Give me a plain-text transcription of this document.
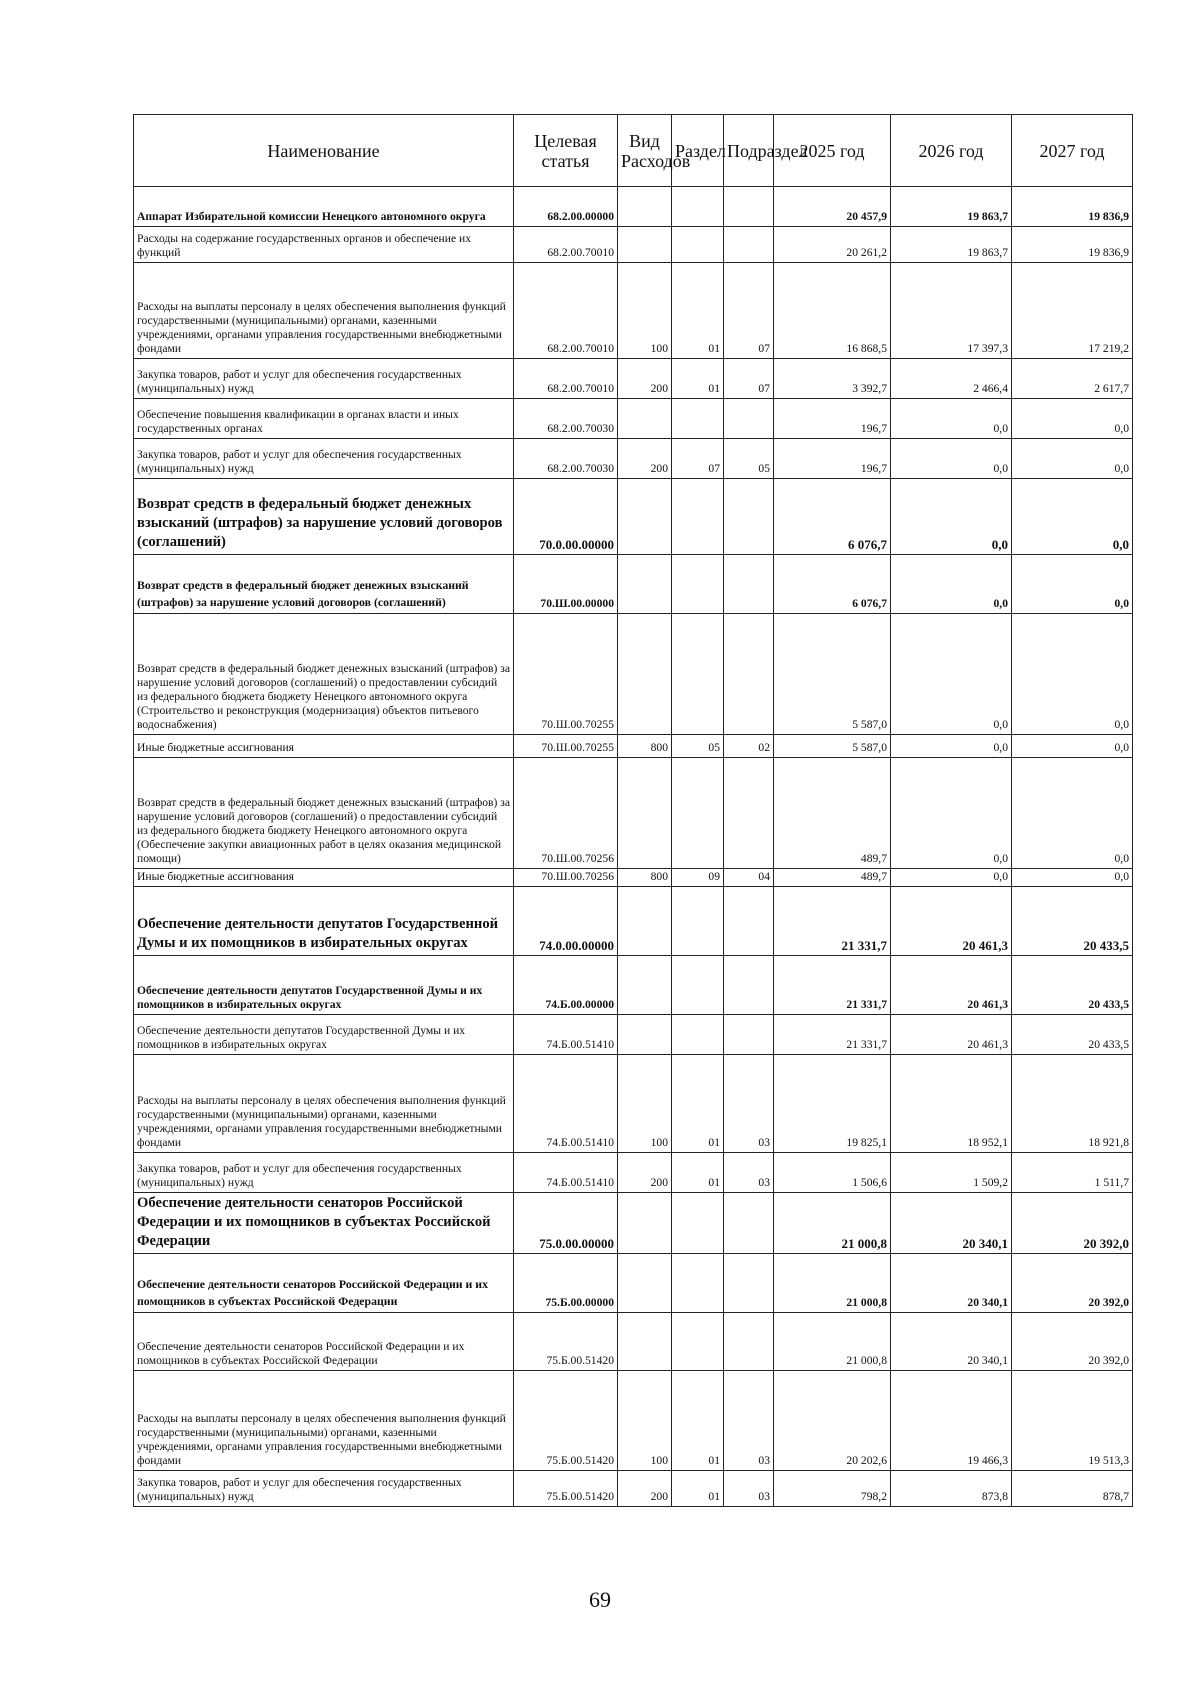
Наименование	Целевая статья	Вид Расходов	Раздел	Подраздел	2025 год	2026 год	2027 год
Аппарат Избирательной комиссии Ненецкого автономного округа	68.2.00.00000				20 457,9	19 863,7	19 836,9
Расходы на содержание государственных органов и обеспечение их функций	68.2.00.70010				20 261,2	19 863,7	19 836,9
Расходы на выплаты персоналу в целях обеспечения выполнения функций государственными (муниципальными) органами, казенными учреждениями, органами управления государственными внебюджетными фондами	68.2.00.70010	100	01	07	16 868,5	17 397,3	17 219,2
Закупка товаров, работ и услуг для обеспечения государственных (муниципальных) нужд	68.2.00.70010	200	01	07	3 392,7	2 466,4	2 617,7
Обеспечение повышения квалификации в органах власти и иных государственных органах	68.2.00.70030				196,7	0,0	0,0
Закупка товаров, работ и услуг для обеспечения государственных (муниципальных) нужд	68.2.00.70030	200	07	05	196,7	0,0	0,0
Возврат средств в федеральный бюджет денежных взысканий (штрафов) за нарушение условий договоров (соглашений)	70.0.00.00000				6 076,7	0,0	0,0
Возврат средств в федеральный бюджет денежных взысканий (штрафов) за нарушение условий договоров (соглашений)	70.Ш.00.00000				6 076,7	0,0	0,0
Возврат средств в федеральный бюджет денежных взысканий (штрафов) за нарушение условий договоров (соглашений) о предоставлении субсидий из федерального бюджета бюджету Ненецкого автономного округа (Строительство и реконструкция (модернизация) объектов питьевого водоснабжения)	70.Ш.00.70255				5 587,0	0,0	0,0
Иные бюджетные ассигнования	70.Ш.00.70255	800	05	02	5 587,0	0,0	0,0
Возврат средств в федеральный бюджет денежных взысканий (штрафов) за нарушение условий договоров (соглашений) о предоставлении субсидий из федерального бюджета бюджету Ненецкого автономного округа (Обеспечение закупки авиационных работ в целях оказания медицинской помощи)	70.Ш.00.70256				489,7	0,0	0,0
Иные бюджетные ассигнования	70.Ш.00.70256	800	09	04	489,7	0,0	0,0
Обеспечение деятельности депутатов Государственной Думы и их помощников в избирательных округах	74.0.00.00000				21 331,7	20 461,3	20 433,5
Обеспечение деятельности депутатов Государственной Думы и их помощников в избирательных округах	74.Б.00.00000				21 331,7	20 461,3	20 433,5
Обеспечение деятельности депутатов Государственной Думы и их помощников в избирательных округах	74.Б.00.51410				21 331,7	20 461,3	20 433,5
Расходы на выплаты персоналу в целях обеспечения выполнения функций государственными (муниципальными) органами, казенными учреждениями, органами управления государственными внебюджетными фондами	74.Б.00.51410	100	01	03	19 825,1	18 952,1	18 921,8
Закупка товаров, работ и услуг для обеспечения государственных (муниципальных) нужд	74.Б.00.51410	200	01	03	1 506,6	1 509,2	1 511,7
Обеспечение деятельности сенаторов Российской Федерации и их помощников в субъектах Российской Федерации	75.0.00.00000				21 000,8	20 340,1	20 392,0
Обеспечение деятельности сенаторов Российской Федерации и их помощников в субъектах Российской Федерации	75.Б.00.00000				21 000,8	20 340,1	20 392,0
Обеспечение деятельности сенаторов Российской Федерации и их помощников в субъектах Российской Федерации	75.Б.00.51420				21 000,8	20 340,1	20 392,0
Расходы на выплаты персоналу в целях обеспечения выполнения функций государственными (муниципальными) органами, казенными учреждениями, органами управления государственными внебюджетными фондами	75.Б.00.51420	100	01	03	20 202,6	19 466,3	19 513,3
Закупка товаров, работ и услуг для обеспечения государственных (муниципальных) нужд	75.Б.00.51420	200	01	03	798,2	873,8	878,7
69
